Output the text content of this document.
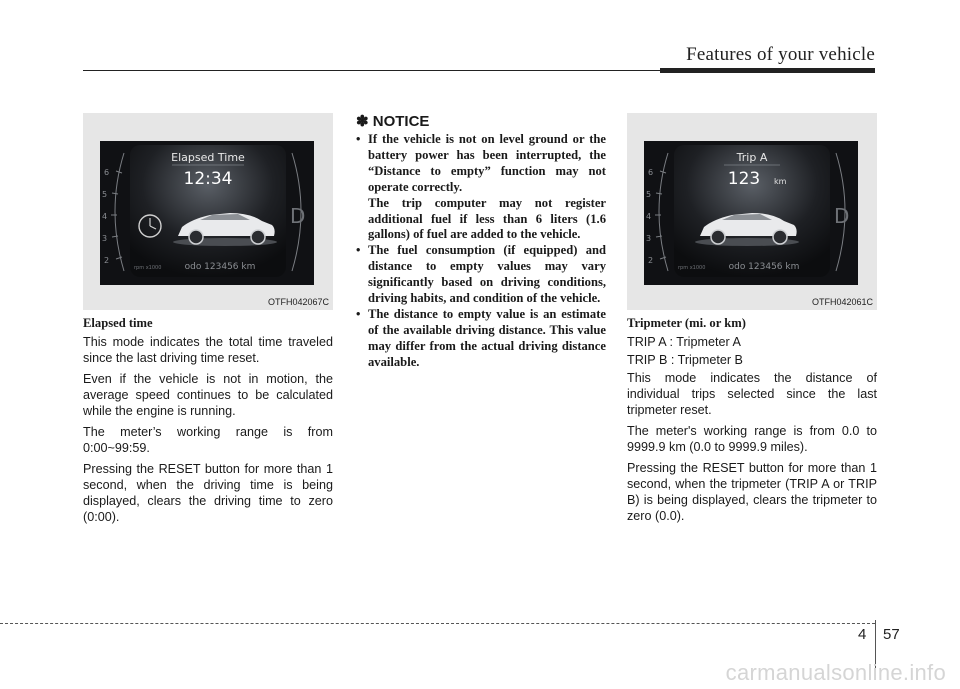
Features of your vehicle
6
5
4
3
2
D
Elapsed Time
12:34
odo 123456 km
rpm x1000
OTFH042067C

Elapsed time

This mode indicates the total time traveled since the last driving time reset.

Even if the vehicle is not in motion, the average speed continues to be calculated while the engine is running.

The meter’s working range is from 0:00~99:59.

Pressing the RESET button for more than 1 second, when the driving time is being displayed, clears the driving time to zero (0:00).

✽ NOTICE
• If the vehicle is not on level ground or the battery power has been interrupted, the “Distance to empty” function may not operate correctly.
The trip computer may not register additional fuel if less than 6 liters (1.6 gallons) of fuel are added to the vehicle.
• The fuel consumption (if equipped) and distance to empty values may vary significantly based on driving conditions, driving habits, and condition of the vehicle.
• The distance to empty value is an estimate of the available driving distance. This value may differ from the actual driving distance available.
6
5
4
3
2
D
Trip A
123 km
odo 123456 km
rpm x1000
OTFH042061C

Tripmeter (mi. or km)

TRIP A : Tripmeter A

TRIP B : Tripmeter B

This mode indicates the distance of individual trips selected since the last tripmeter reset.

The meter's working range is from 0.0 to 9999.9 km (0.0 to 9999.9 miles).

Pressing the RESET button for more than 1 second, when the tripmeter (TRIP A or TRIP B) is being displayed, clears the tripmeter to zero (0.0).

4 57
carmanualsonline.info
